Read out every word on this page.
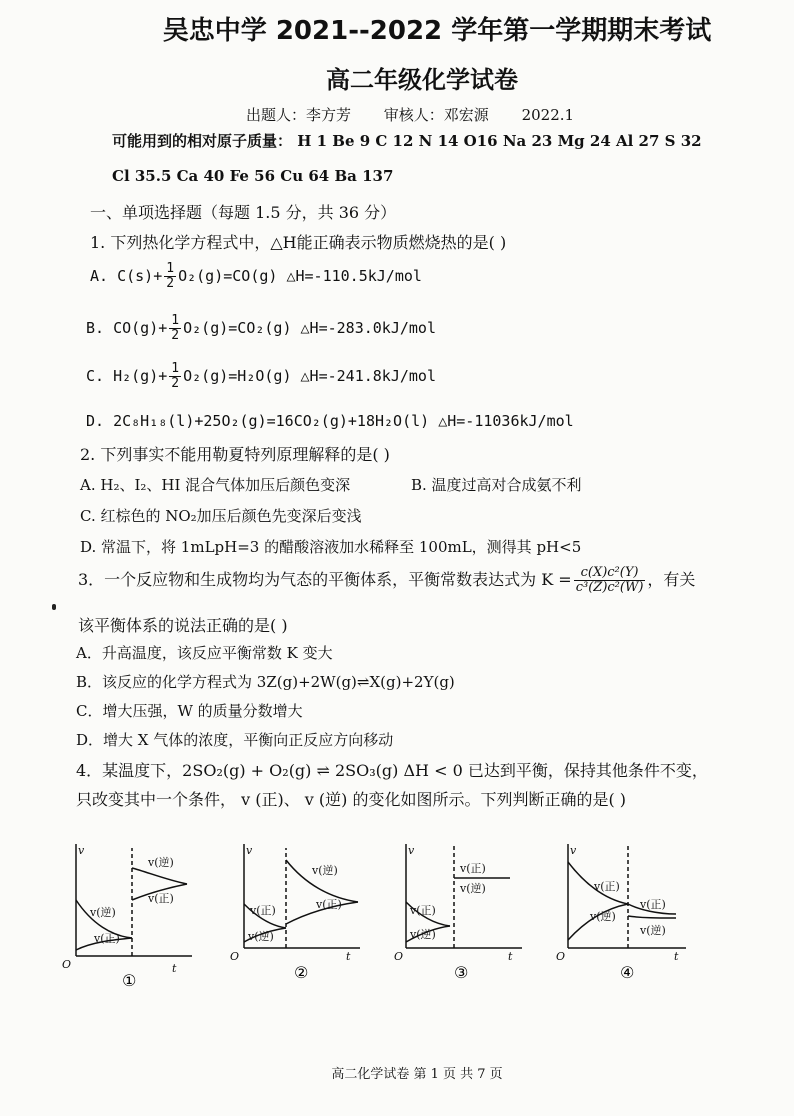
吴忠中学 2021--2022 学年第一学期期末考试
高二年级化学试卷
出题人：李方芳 审核人：邓宏源 2022.1
可能用到的相对原子质量： H 1 Be 9 C 12 N 14 O16 Na 23 Mg 24 Al 27 S 32
Cl 35.5 Ca 40 Fe 56 Cu 64 Ba 137
一、单项选择题（每题 1.5 分，共 36 分）
1. 下列热化学方程式中，△H能正确表示物质燃烧热的是( )
A. $C(s)+ \frac{1}{2} O_2(g)=CO(g)$ △H=-110.5kJ/mol
B. $CO(g)+ \frac{1}{2} O_2(g)=CO_2(g)$ △H=-283.0kJ/mol
C. $H_2(g)+ \frac{1}{2} O_2(g)=H_2O(g)$ △H=-241.8kJ/mol
D. 2C₈H₁₈(l)+25O₂(g)=16CO₂(g)+18H₂O(l) △H=-11036kJ/mol
2. 下列事实不能用勒夏特列原理解释的是( )
A. H₂、I₂、HI 混合气体加压后颜色变深	B. 温度过高对合成氨不利
C. 红棕色的 NO₂加压后颜色先变深后变浅
D. 常温下，将 1mLpH=3 的醋酸溶液加水稀释至 100mL，测得其 pH<5
3．一个反应物和生成物均为气态的平衡体系，平衡常数表达式为 $K = \frac{\text{c(X)c²(Y)}}{\text{c³(Z)c²(W)}}$ ，有关
该平衡体系的说法正确的是( )
A．升高温度，该反应平衡常数 K 变大
B．该反应的化学方程式为 3Z(g)+2W(g)⇌X(g)+2Y(g)
C．增大压强，W 的质量分数增大
D．增大 X 气体的浓度，平衡向正反应方向移动
4．某温度下，2SO₂(g) + O₂(g) ⇌ 2SO₃(g) ΔH < 0 已达到平衡，保持其他条件不变，
只改变其中一个条件， v (正)、 v (逆) 的变化如图所示。下列判断正确的是( )
v
t
O
v(逆)
v(正)
v(逆)
v(正)
①
v
t
O
v(正)
v(逆)
v(逆)
v(正)
②
v
t
O
v(正)
v(逆)
v(正)
v(逆)
③
v
t
O
v(正)
v(逆)
v(正)
v(逆)
④
高二化学试卷 第 1 页 共 7 页
